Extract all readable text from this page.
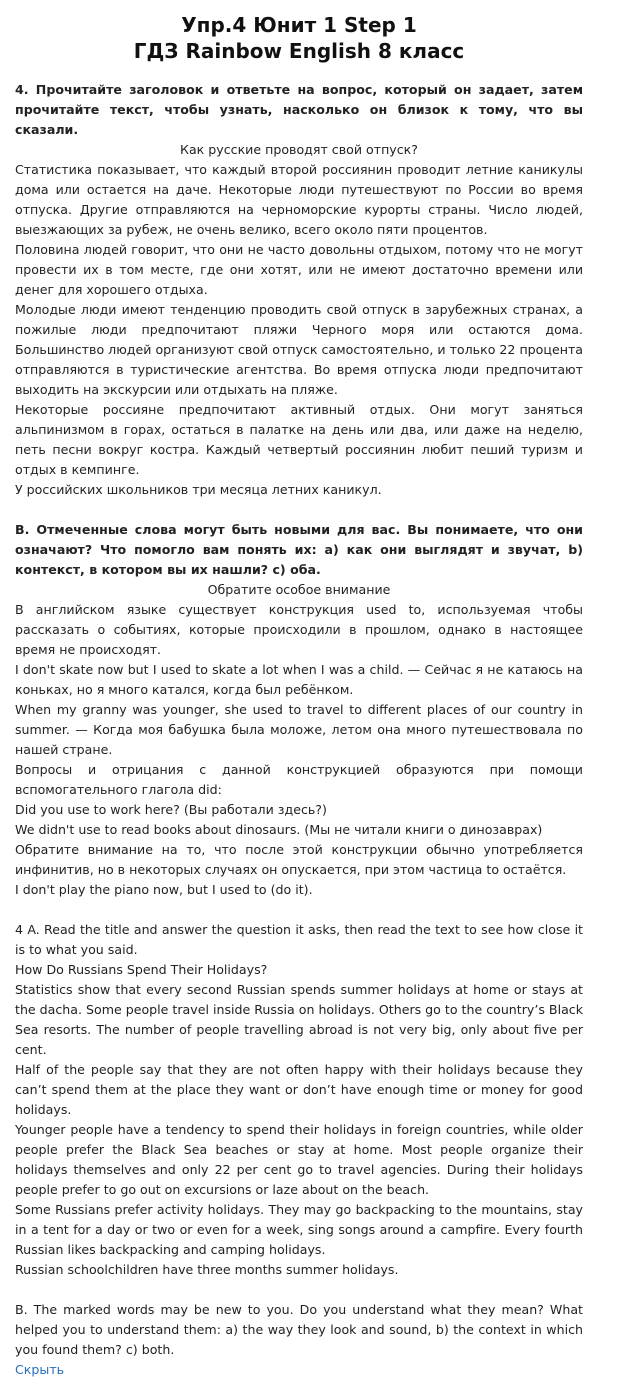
Упр.4 Юнит 1 Step 1
ГДЗ Rainbow English 8 класс

4. Прочитайте заголовок и ответьте на вопрос, который он задает, затем прочитайте текст, чтобы узнать, насколько он близок к тому, что вы сказали.

Как русские проводят свой отпуск?

Статистика показывает, что каждый второй россиянин проводит летние каникулы дома или остается на даче. Некоторые люди путешествуют по России во время отпуска. Другие отправляются на черноморские курорты страны. Число людей, выезжающих за рубеж, не очень велико, всего около пяти процентов.

Половина людей говорит, что они не часто довольны отдыхом, потому что не могут провести их в том месте, где они хотят, или не имеют достаточно времени или денег для хорошего отдыха.

Молодые люди имеют тенденцию проводить свой отпуск в зарубежных странах, а пожилые люди предпочитают пляжи Черного моря или остаются дома. Большинство людей организуют свой отпуск самостоятельно, и только 22 процента отправляются в туристические агентства. Во время отпуска люди предпочитают выходить на экскурсии или отдыхать на пляже.

Некоторые россияне предпочитают активный отдых. Они могут заняться альпинизмом в горах, остаться в палатке на день или два, или даже на неделю, петь песни вокруг костра. Каждый четвертый россиянин любит пеший туризм и отдых в кемпинге.

У российских школьников три месяца летних каникул.

B. Отмеченные слова могут быть новыми для вас. Вы понимаете, что они означают? Что помогло вам понять их: а) как они выглядят и звучат, b) контекст, в котором вы их нашли? c) оба.

Обратите особое внимание

В английском языке существует конструкция used to, используемая чтобы рассказать о событиях, которые происходили в прошлом, однако в настоящее время не происходят.

I don't skate now but I used to skate a lot when I was a child. — Сейчас я не катаюсь на коньках, но я много катался, когда был ребёнком.

When my granny was younger, she used to travel to different places of our country in summer. — Когда моя бабушка была моложе, летом она много путешествовала по нашей стране.

Вопросы и отрицания с данной конструкцией образуются при помощи вспомогательного глагола did:

Did you use to work here? (Вы работали здесь?)

We didn't use to read books about dinosaurs. (Мы не читали книги о динозаврах)

Обратите внимание на то, что после этой конструкции обычно употребляется инфинитив, но в некоторых случаях он опускается, при этом частица to остаётся.

I don't play the piano now, but I used to (do it).

4 A. Read the title and answer the question it asks, then read the text to see how close it is to what you said.

How Do Russians Spend Their Holidays?

Statistics show that every second Russian spends summer holidays at home or stays at the dacha. Some people travel inside Russia on holidays. Others go to the country’s Black Sea resorts. The number of people travelling abroad is not very big, only about five per cent.

Half of the people say that they are not often happy with their holidays because they can’t spend them at the place they want or don’t have enough time or money for good holidays.

Younger people have a tendency to spend their holidays in foreign countries, while older people prefer the Black Sea beaches or stay at home. Most people organize their holidays themselves and only 22 per cent go to travel agencies. During their holidays people prefer to go out on excursions or laze about on the beach.

Some Russians prefer activity holidays. They may go backpacking to the mountains, stay in a tent for a day or two or even for a week, sing songs around a campfire. Every fourth Russian likes backpacking and camping holidays.

Russian schoolchildren have three months summer holidays.

B. The marked words may be new to you. Do you understand what they mean? What helped you to understand them: a) the way they look and sound, b) the context in which you found them? c) both.

Скрыть
